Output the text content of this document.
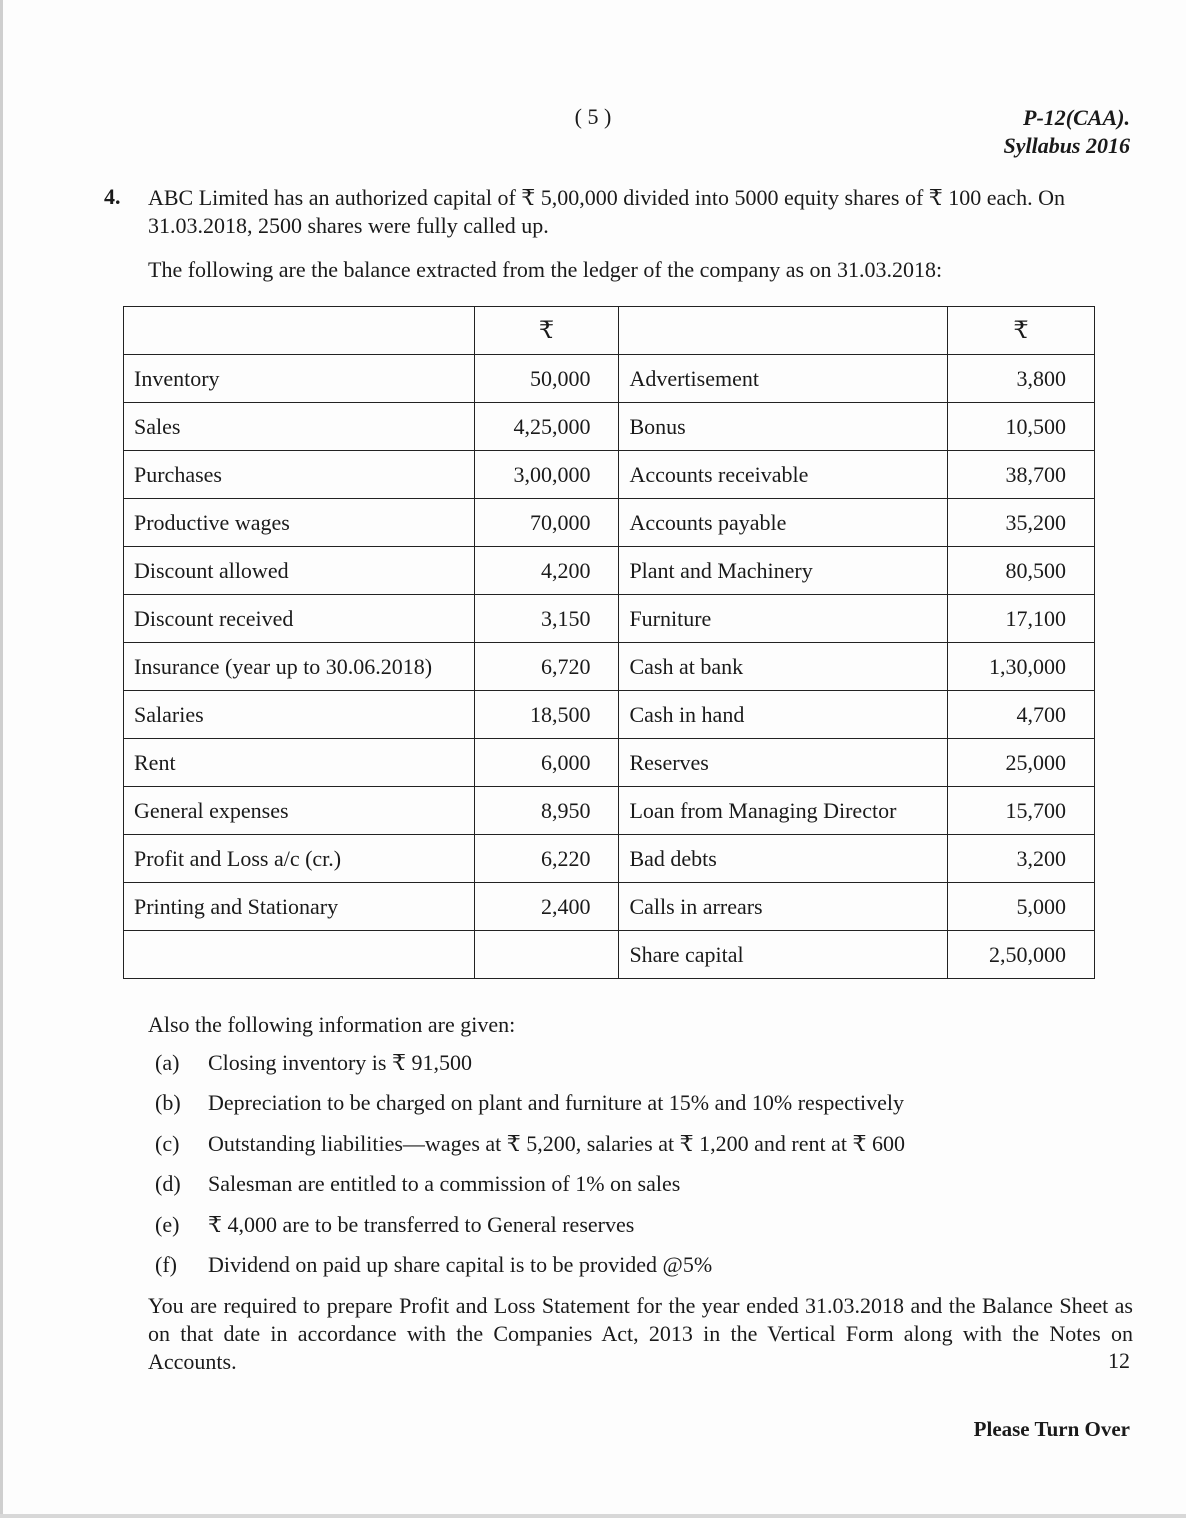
( 5 )	P-12(CAA).
Syllabus 2016
4. ABC Limited has an authorized capital of ₹ 5,00,000 divided into 5000 equity shares of ₹ 100 each. On 31.03.2018, 2500 shares were fully called up.
The following are the balance extracted from the ledger of the company as on 31.03.2018:
	₹		₹
Inventory	50,000	Advertisement	3,800
Sales	4,25,000	Bonus	10,500
Purchases	3,00,000	Accounts receivable	38,700
Productive wages	70,000	Accounts payable	35,200
Discount allowed	4,200	Plant and Machinery	80,500
Discount received	3,150	Furniture	17,100
Insurance (year up to 30.06.2018)	6,720	Cash at bank	1,30,000
Salaries	18,500	Cash in hand	4,700
Rent	6,000	Reserves	25,000
General expenses	8,950	Loan from Managing Director	15,700
Profit and Loss a/c (cr.)	6,220	Bad debts	3,200
Printing and Stationary	2,400	Calls in arrears	5,000
		Share capital	2,50,000
Also the following information are given:
(a)	Closing inventory is ₹ 91,500
(b)	Depreciation to be charged on plant and furniture at 15% and 10% respectively
(c)	Outstanding liabilities—wages at ₹ 5,200, salaries at ₹ 1,200 and rent at ₹ 600
(d)	Salesman are entitled to a commission of 1% on sales
(e)	₹ 4,000 are to be transferred to General reserves
(f)	Dividend on paid up share capital is to be provided @5%
You are required to prepare Profit and Loss Statement for the year ended 31.03.2018 and the Balance Sheet as on that date in accordance with the Companies Act, 2013 in the Vertical Form along with the Notes on Accounts.	12
Please Turn Over
